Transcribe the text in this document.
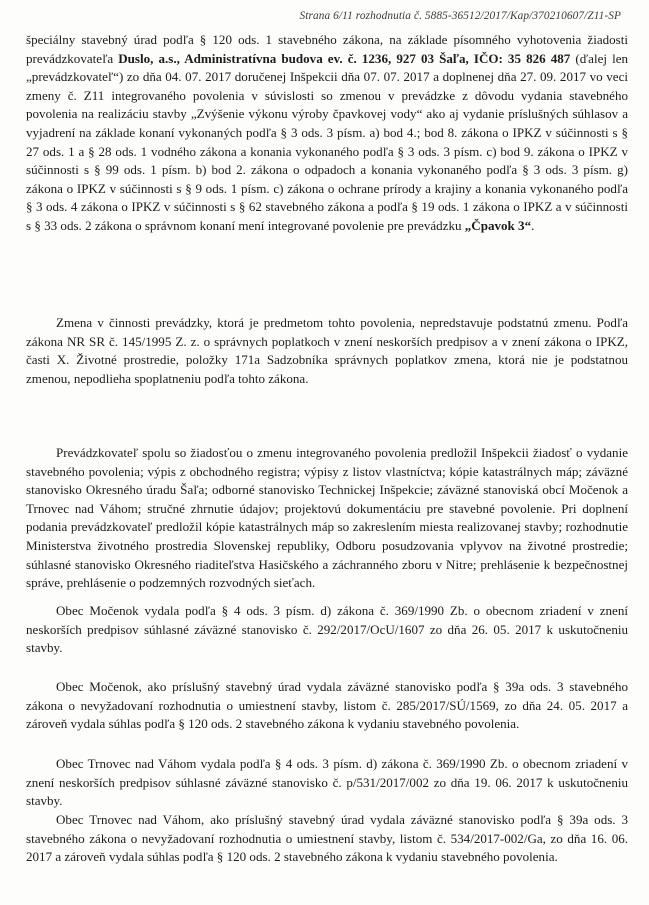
Strana 6/11 rozhodnutia č. 5885-36512/2017/Kap/370210607/Z11-SP

špeciálny stavebný úrad podľa § 120 ods. 1 stavebného zákona, na základe písomného vyhotovenia žiadosti prevádzkovateľa Duslo, a.s., Administratívna budova ev. č. 1236, 927 03 Šaľa, IČO: 35 826 487 (ďalej len „prevádzkovateľ“) zo dňa 04. 07. 2017 doručenej Inšpekcii dňa 07. 07. 2017 a doplnenej dňa 27. 09. 2017 vo veci zmeny č. Z11 integrovaného povolenia v súvislosti so zmenou v prevádzke z dôvodu vydania stavebného povolenia na realizáciu stavby „Zvýšenie výkonu výroby čpavkovej vody“ ako aj vydanie príslušných súhlasov a vyjadrení na základe konaní vykonaných podľa § 3 ods. 3 písm. a) bod 4.; bod 8. zákona o IPKZ v súčinnosti s § 27 ods. 1 a § 28 ods. 1 vodného zákona a konania vykonaného podľa § 3 ods. 3 písm. c) bod 9. zákona o IPKZ v súčinnosti s § 99 ods. 1 písm. b) bod 2. zákona o odpadoch a konania vykonaného podľa § 3 ods. 3 písm. g) zákona o IPKZ v súčinnosti s § 9 ods. 1 písm. c) zákona o ochrane prírody a krajiny a konania vykonaného podľa § 3 ods. 4 zákona o IPKZ v súčinnosti s § 62 stavebného zákona a podľa § 19 ods. 1 zákona o IPKZ a v súčinnosti s § 33 ods. 2 zákona o správnom konaní mení integrované povolenie pre prevádzku „Čpavok 3“.

Zmena v činnosti prevádzky, ktorá je predmetom tohto povolenia, nepredstavuje podstatnú zmenu. Podľa zákona NR SR č. 145/1995 Z. z. o správnych poplatkoch v znení neskorších predpisov a v znení zákona o IPKZ, časti X. Životné prostredie, položky 171a Sadzobníka správnych poplatkov zmena, ktorá nie je podstatnou zmenou, nepodlieha spoplatneniu podľa tohto zákona.

Prevádzkovateľ spolu so žiadosťou o zmenu integrovaného povolenia predložil Inšpekcii žiadosť o vydanie stavebného povolenia; výpis z obchodného registra; výpisy z listov vlastníctva; kópie katastrálnych máp; záväzné stanovisko Okresného úradu Šaľa; odborné stanovisko Technickej Inšpekcie; záväzné stanoviská obcí Močenok a Trnovec nad Váhom; stručné zhrnutie údajov; projektovú dokumentáciu pre stavebné povolenie. Pri doplnení podania prevádzkovateľ predložil kópie katastrálnych máp so zakreslením miesta realizovanej stavby; rozhodnutie Ministerstva životného prostredia Slovenskej republiky, Odboru posudzovania vplyvov na životné prostredie; súhlasné stanovisko Okresného riaditeľstva Hasičského a záchranného zboru v Nitre; prehlásenie k bezpečnostnej správe, prehlásenie o podzemných rozvodných sieťach.

Obec Močenok vydala podľa § 4 ods. 3 písm. d) zákona č. 369/1990 Zb. o obecnom zriadení v znení neskorších predpisov súhlasné záväzné stanovisko č. 292/2017/OcU/1607 zo dňa 26. 05. 2017 k uskutočneniu stavby.

Obec Močenok, ako príslušný stavebný úrad vydala záväzné stanovisko podľa § 39a ods. 3 stavebného zákona o nevyžadovaní rozhodnutia o umiestnení stavby, listom č. 285/2017/SÚ/1569, zo dňa 24. 05. 2017 a zároveň vydala súhlas podľa § 120 ods. 2 stavebného zákona k vydaniu stavebného povolenia.

Obec Trnovec nad Váhom vydala podľa § 4 ods. 3 písm. d) zákona č. 369/1990 Zb. o obecnom zriadení v znení neskorších predpisov súhlasné záväzné stanovisko č. p/531/2017/002 zo dňa 19. 06. 2017 k uskutočneniu stavby.

Obec Trnovec nad Váhom, ako príslušný stavebný úrad vydala záväzné stanovisko podľa § 39a ods. 3 stavebného zákona o nevyžadovaní rozhodnutia o umiestnení stavby, listom č. 534/2017-002/Ga, zo dňa 16. 06. 2017 a zároveň vydala súhlas podľa § 120 ods. 2 stavebného zákona k vydaniu stavebného povolenia.
